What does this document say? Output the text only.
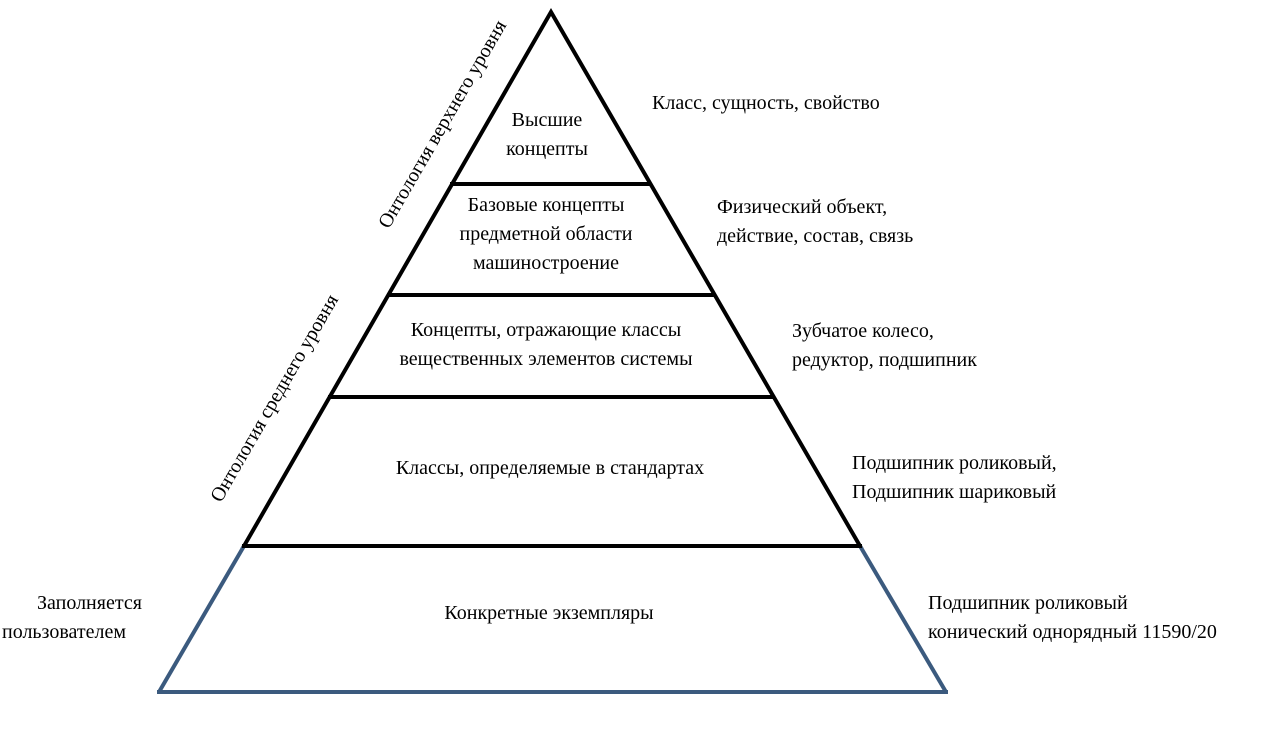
Высшие
концепты
Базовые концепты
предметной области
машиностроение
Концепты, отражающие классы
вещественных элементов системы
Классы, определяемые в стандартах
Конкретные экземпляры
Класс, сущность, свойство
Физический объект,
действие, состав, связь
Зубчатое колесо,
редуктор, подшипник
Подшипник роликовый,
Подшипник шариковый
Подшипник роликовый
конический однорядный 11590/20
Заполняется
пользователем
Онтология верхнего уровня
Онтология среднего уровня
